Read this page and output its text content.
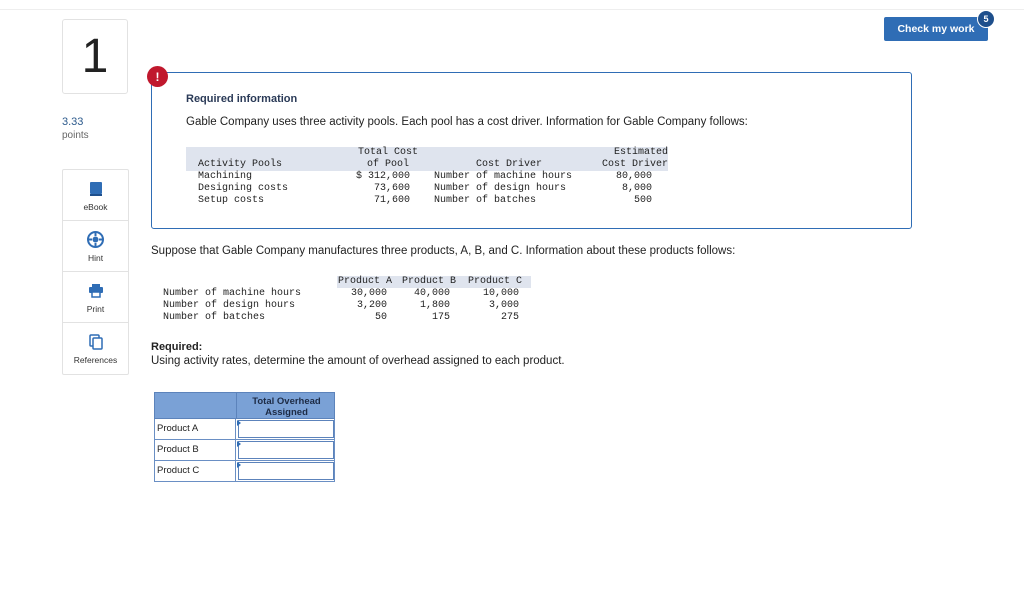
1
3.33
points
eBook
Hint
Print
References
Check my work
5
!
Required information
Gable Company uses three activity pools. Each pool has a cost driver. Information for Gable Company follows:
Activity Pools
Total Cost
of Pool	Cost Driver
Estimated
Cost Driver
Machining	$ 312,000 Number of machine hours	80,000
Designing costs	73,600 Number of design hours	8,000
Setup costs	71,600 Number of batches	500
Suppose that Gable Company manufactures three products, A, B, and C. Information about these products follows:
Product A Product B Product C
Number of machine hours	30,000	40,000	10,000
Number of design hours	3,200	1,800	3,000
Number of batches	50	175	275
Required:
Using activity rates, determine the amount of overhead assigned to each product.
Total Overhead Assigned
Product A
Product B
Product C
